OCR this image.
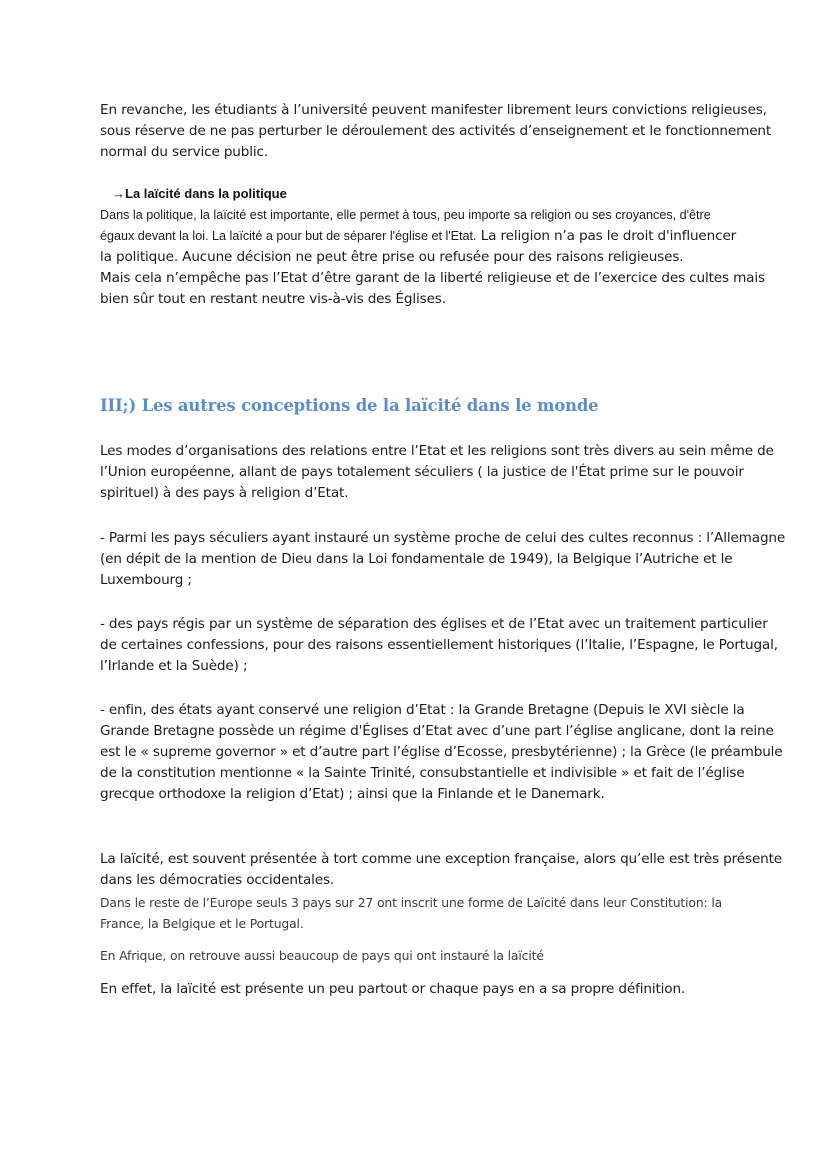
En revanche, les étudiants à l’université peuvent manifester librement leurs convictions religieuses,
sous réserve de ne pas perturber le déroulement des activités d’enseignement et le fonctionnement
normal du service public.

→La laïcité dans la politique

Dans la politique, la laïcité est importante, elle permet à tous, peu importe sa religion ou ses croyances, d'être
égaux devant la loi. La laïcité a pour but de séparer l'église et l'Etat. La religion n’a pas le droit d'influencer
la politique. Aucune décision ne peut être prise ou refusée pour des raisons religieuses.
Mais cela n’empêche pas l’Etat d’être garant de la liberté religieuse et de l’exercice des cultes mais
bien sûr tout en restant neutre vis-à-vis des Églises.

III;) Les autres conceptions de la laïcité dans le monde

Les modes d’organisations des relations entre l’Etat et les religions sont très divers au sein même de
l’Union européenne, allant de pays totalement séculiers ( la justice de l'État prime sur le pouvoir
spirituel) à des pays à religion d’Etat.

- Parmi les pays séculiers ayant instauré un système proche de celui des cultes reconnus : l’Allemagne
(en dépit de la mention de Dieu dans la Loi fondamentale de 1949), la Belgique l’Autriche et le
Luxembourg ;

- des pays régis par un système de séparation des églises et de l’Etat avec un traitement particulier
de certaines confessions, pour des raisons essentiellement historiques (l’Italie, l’Espagne, le Portugal,
l’Irlande et la Suède) ;

- enfin, des états ayant conservé une religion d’Etat : la Grande Bretagne (Depuis le XVI siècle la
Grande Bretagne possède un régime d'Églises d’Etat avec d’une part l’église anglicane, dont la reine
est le « supreme governor » et d’autre part l’église d’Ecosse, presbytérienne) ; la Grèce (le préambule
de la constitution mentionne « la Sainte Trinité, consubstantielle et indivisible » et fait de l’église
grecque orthodoxe la religion d’Etat) ; ainsi que la Finlande et le Danemark.

La laïcité, est souvent présentée à tort comme une exception française, alors qu’elle est très présente
dans les démocraties occidentales.

Dans le reste de l’Europe seuls 3 pays sur 27 ont inscrit une forme de Laïcité dans leur Constitution: la
France, la Belgique et le Portugal.

En Afrique, on retrouve aussi beaucoup de pays qui ont instauré la laïcité

En effet, la laïcité est présente un peu partout or chaque pays en a sa propre définition.
